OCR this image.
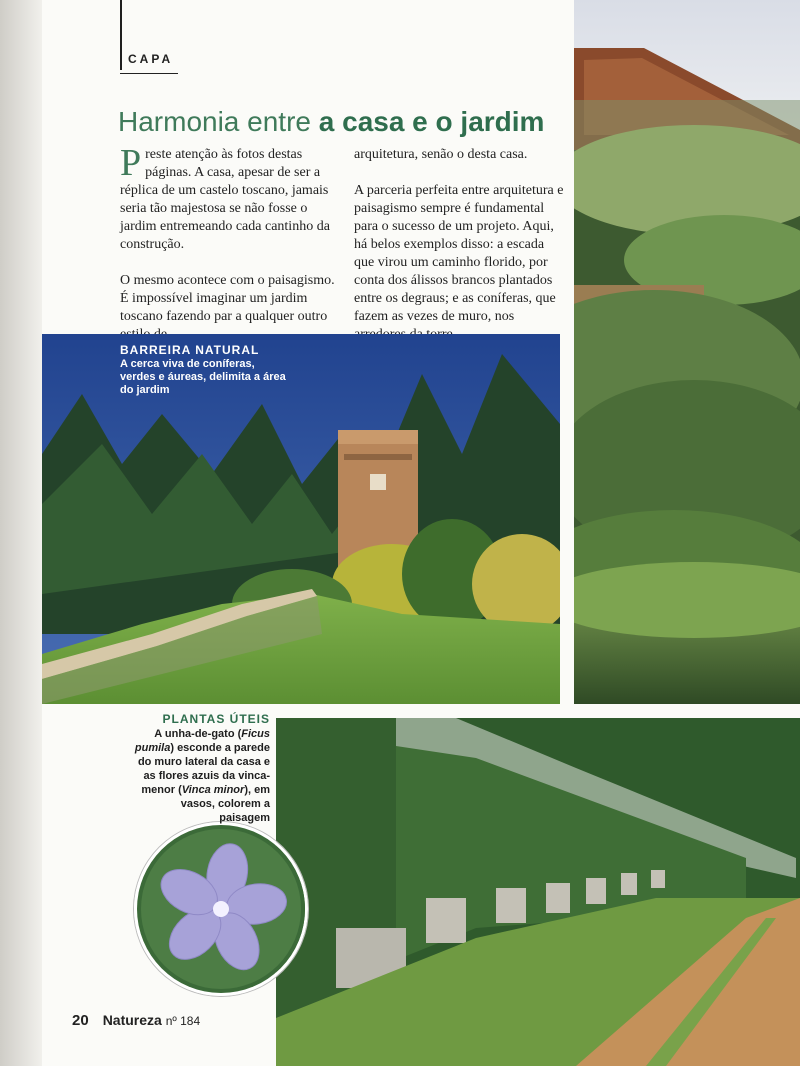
CAPA
Harmonia entre a casa e o jardim

Preste atenção às fotos destas páginas. A casa, apesar de ser a réplica de um castelo toscano, jamais seria tão majestosa se não fosse o jardim entremeando cada cantinho da construção.

O mesmo acontece com o paisagismo. É impossível imaginar um jardim toscano fazendo par a qualquer outro

arquitetura, senão o desta casa.

A parceria perfeita entre arquitetura e paisagismo sempre é fundamental para o sucesso de um projeto. Aqui, há belos exemplos disso: a escada que virou um caminho florido, por conta dos álissos brancos plantados entre os degraus; e as coníferas, que fazem as vezes de muro, nos

BARREIRA NATURAL
A cerca viva de coníferas, verdes e áureas, delimita a área do jardim
PLANTAS ÚTEIS
A unha-de-gato (Ficus pumila) esconde a parede do muro lateral da casa e as flores azuis da vinca-menor (Vinca minor), em vasos, colorem a paisagem
20 Natureza nº 184
